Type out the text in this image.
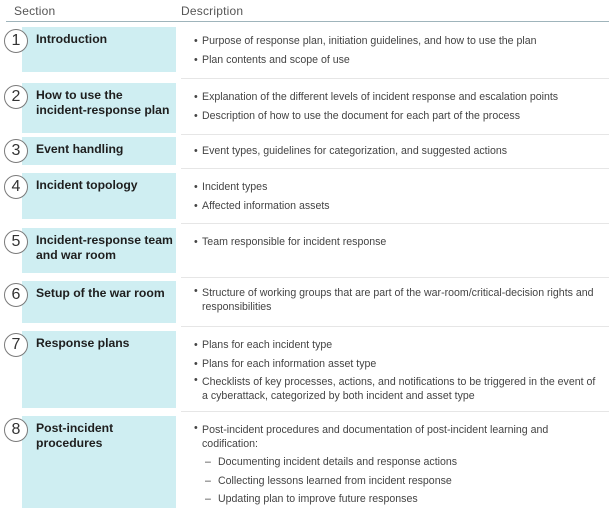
Section	Description
1	Introduction	• Purpose of response plan, initiation guidelines, and how to use the plan
• Plan contents and scope of use
2	How to use the incident-response plan
• Explanation of the different levels of incident response and escalation points
• Description of how to use the document for each part of the process
3	Event handling	• Event types, guidelines for categorization, and suggested actions
4	Incident topology	• Incident types
• Affected information assets
5	Incident-response team and war room
• Team responsible for incident response
6	Setup of the war room	• Structure of working groups that are part of the war-room/critical-decision rights and responsibilities
7	Response plans	• Plans for each incident type
• Plans for each information asset type
• Checklists of key processes, actions, and notifications to be triggered in the event of a cyberattack, categorized by both incident and asset type
8	Post-incident procedures
• Post-incident procedures and documentation of post-incident learning and codification:
– Documenting incident details and response actions
– Collecting lessons learned from incident response
– Updating plan to improve future responses
